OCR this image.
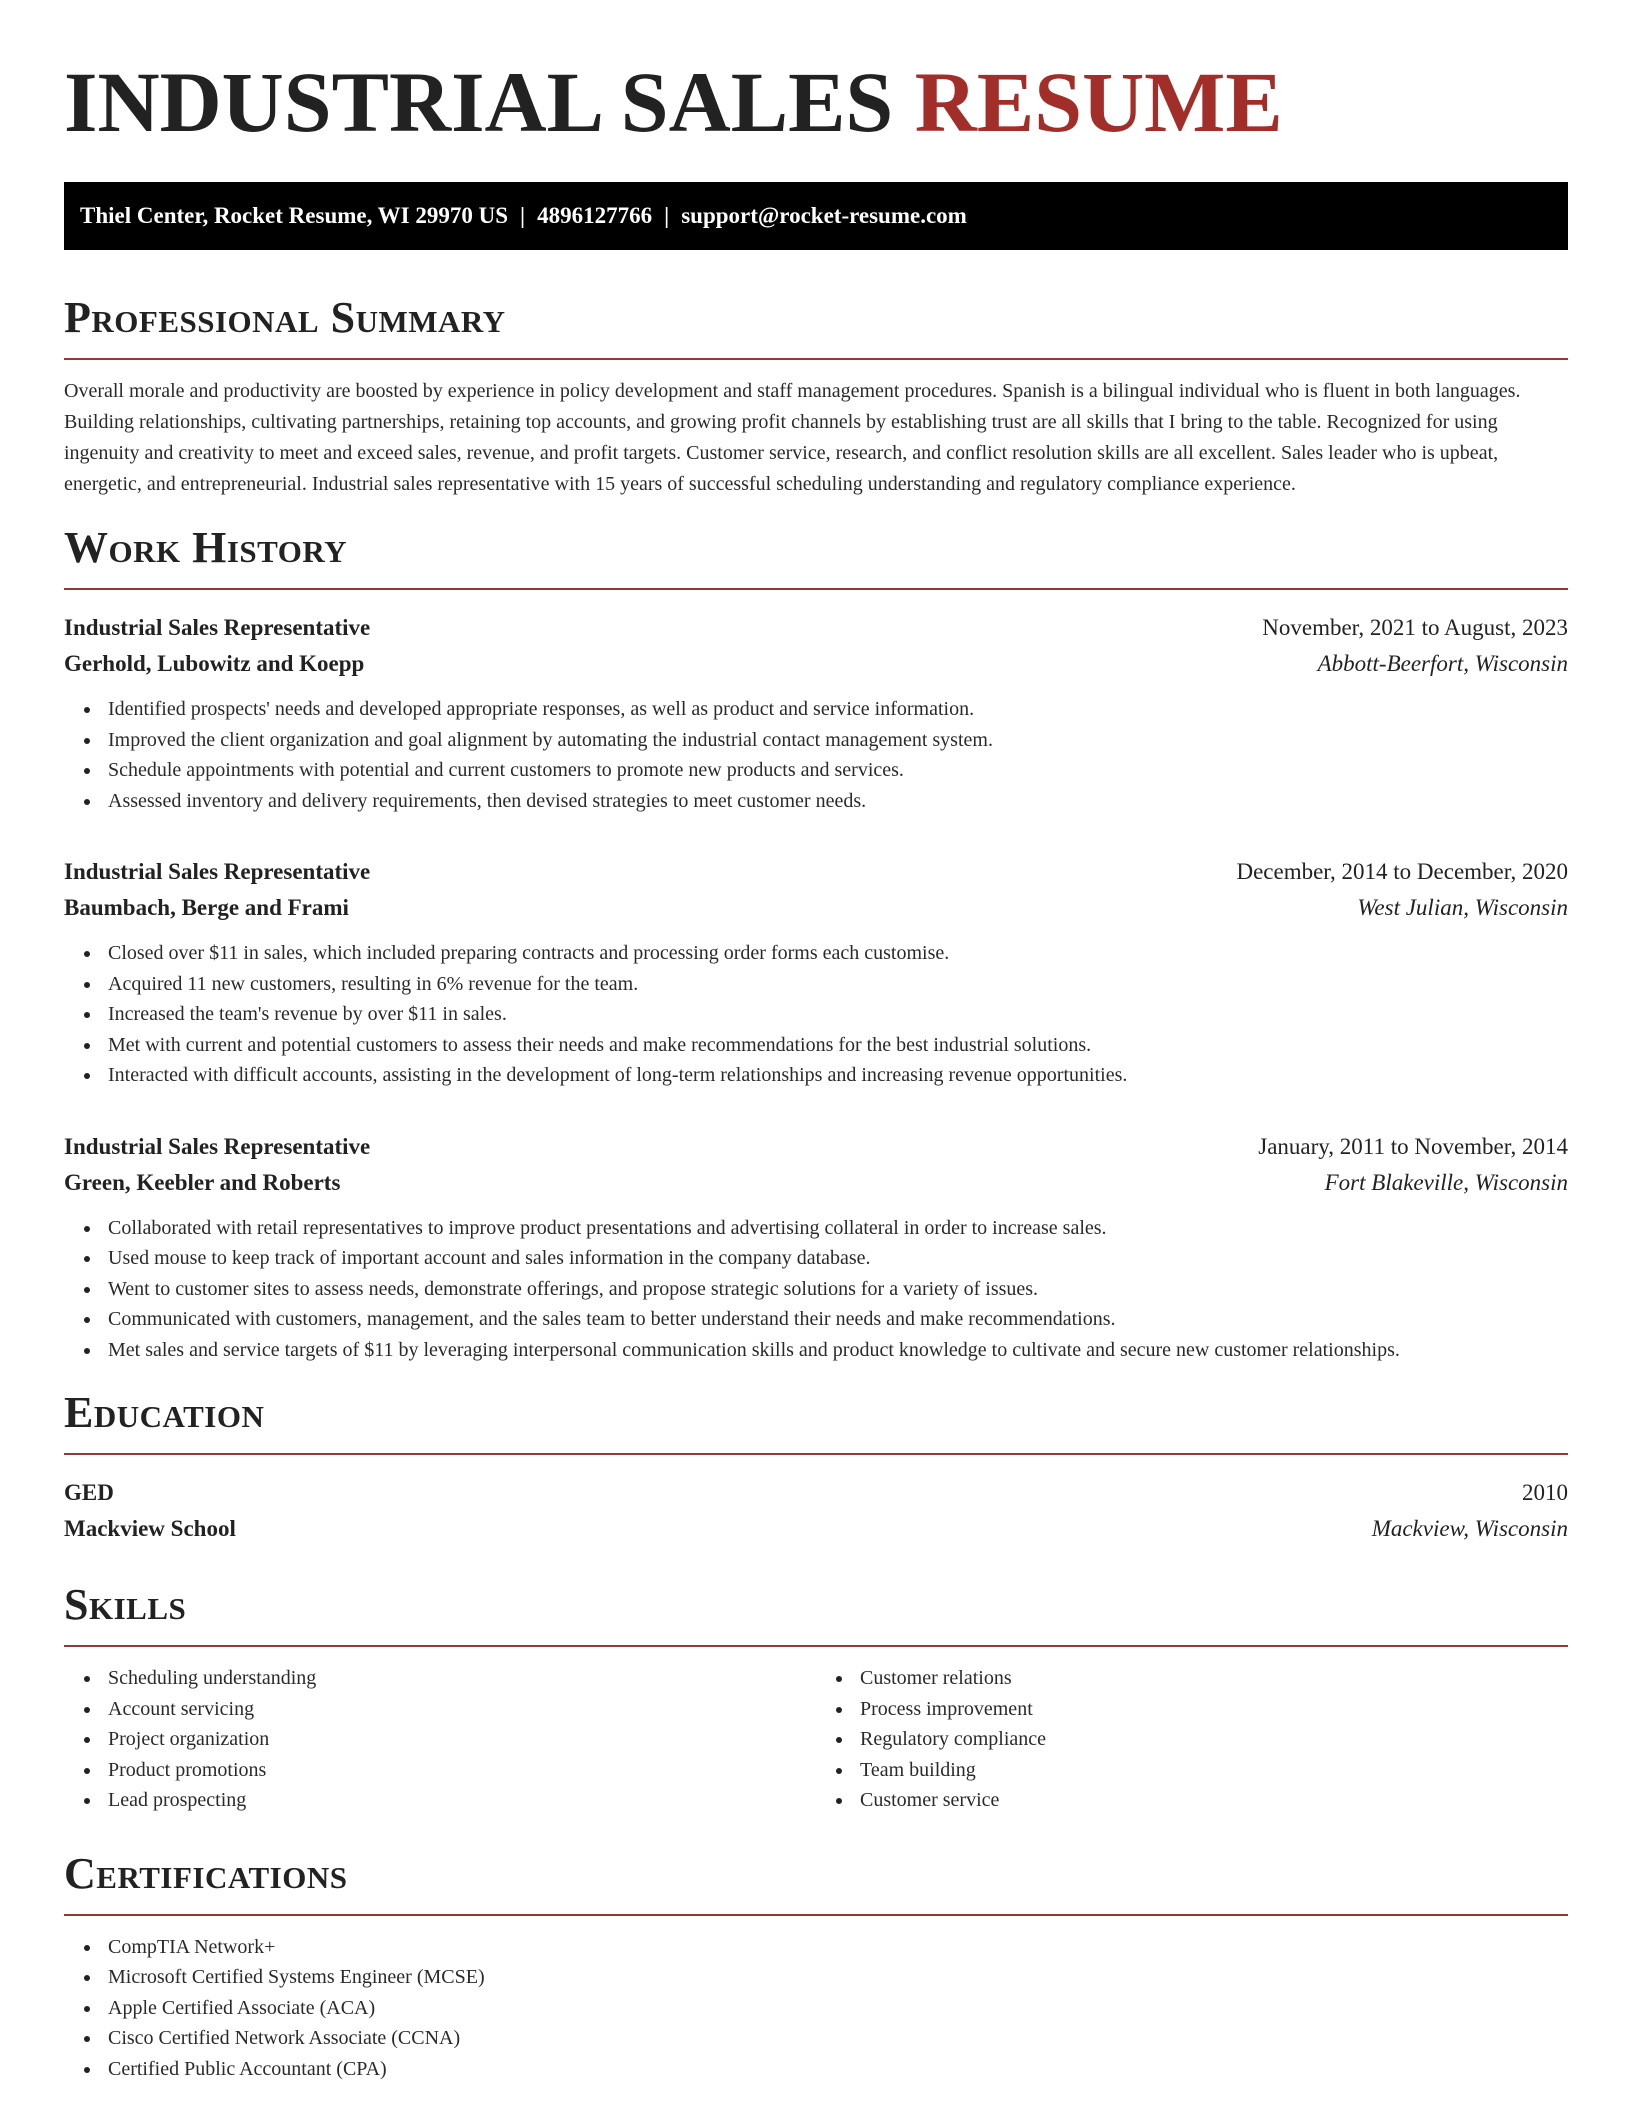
INDUSTRIAL SALES RESUME
Thiel Center, Rocket Resume, WI 29970 US | 4896127766 | support@rocket-resume.com
Professional Summary

Overall morale and productivity are boosted by experience in policy development and staff management procedures. Spanish is a bilingual individual who is fluent in both languages. Building relationships, cultivating partnerships, retaining top accounts, and growing profit channels by establishing trust are all skills that I bring to the table. Recognized for using ingenuity and creativity to meet and exceed sales, revenue, and profit targets. Customer service, research, and conflict resolution skills are all excellent. Sales leader who is upbeat, energetic, and entrepreneurial. Industrial sales representative with 15 years of successful scheduling understanding and regulatory compliance experience.

Work History
Industrial Sales Representative	November, 2021 to August, 2023
Gerhold, Lubowitz and Koepp	Abbott-Beerfort, Wisconsin
Identified prospects' needs and developed appropriate responses, as well as product and service information.
Improved the client organization and goal alignment by automating the industrial contact management system.
Schedule appointments with potential and current customers to promote new products and services.
Assessed inventory and delivery requirements, then devised strategies to meet customer needs.
Industrial Sales Representative	December, 2014 to December, 2020
Baumbach, Berge and Frami	West Julian, Wisconsin
Closed over $11 in sales, which included preparing contracts and processing order forms each customise.
Acquired 11 new customers, resulting in 6% revenue for the team.
Increased the team's revenue by over $11 in sales.
Met with current and potential customers to assess their needs and make recommendations for the best industrial solutions.
Interacted with difficult accounts, assisting in the development of long-term relationships and increasing revenue opportunities.
Industrial Sales Representative	January, 2011 to November, 2014
Green, Keebler and Roberts	Fort Blakeville, Wisconsin
Collaborated with retail representatives to improve product presentations and advertising collateral in order to increase sales.
Used mouse to keep track of important account and sales information in the company database.
Went to customer sites to assess needs, demonstrate offerings, and propose strategic solutions for a variety of issues.
Communicated with customers, management, and the sales team to better understand their needs and make recommendations.
Met sales and service targets of $11 by leveraging interpersonal communication skills and product knowledge to cultivate and secure new customer relationships.
Education
GED	2010
Mackview School	Mackview, Wisconsin
Skills
Scheduling understanding
Account servicing
Project organization
Product promotions
Lead prospecting
Customer relations
Process improvement
Regulatory compliance
Team building
Customer service
Certifications
CompTIA Network+
Microsoft Certified Systems Engineer (MCSE)
Apple Certified Associate (ACA)
Cisco Certified Network Associate (CCNA)
Certified Public Accountant (CPA)
